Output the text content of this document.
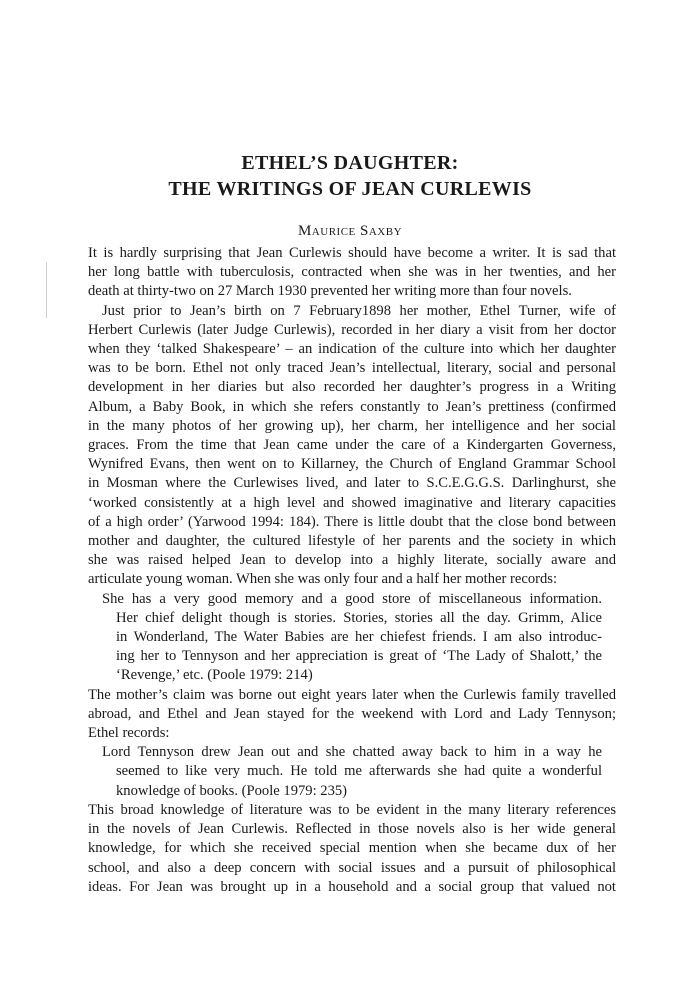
ETHEL’S DAUGHTER:
THE WRITINGS OF JEAN CURLEWIS
Maurice Saxby
It is hardly surprising that Jean Curlewis should have become a writer. It is sad that
her long battle with tuberculosis, contracted when she was in her twenties, and her
death at thirty-two on 27 March 1930 prevented her writing more than four novels.
Just prior to Jean’s birth on 7 February1898 her mother, Ethel Turner, wife of
Herbert Curlewis (later Judge Curlewis), recorded in her diary a visit from her doctor
when they ‘talked Shakespeare’ – an indication of the culture into which her daughter
was to be born. Ethel not only traced Jean’s intellectual, literary, social and personal
development in her diaries but also recorded her daughter’s progress in a Writing
Album, a Baby Book, in which she refers constantly to Jean’s prettiness (confirmed
in the many photos of her growing up), her charm, her intelligence and her social
graces. From the time that Jean came under the care of a Kindergarten Governess,
Wynifred Evans, then went on to Killarney, the Church of England Grammar School
in Mosman where the Curlewises lived, and later to S.C.E.G.G.S. Darlinghurst, she
‘worked consistently at a high level and showed imaginative and literary capacities
of a high order’ (Yarwood 1994: 184). There is little doubt that the close bond between
mother and daughter, the cultured lifestyle of her parents and the society in which
she was raised helped Jean to develop into a highly literate, socially aware and
articulate young woman. When she was only four and a half her mother records:
She has a very good memory and a good store of miscellaneous information.
Her chief delight though is stories. Stories, stories all the day. Grimm, Alice
in Wonderland, The Water Babies are her chiefest friends. I am also introduc-
ing her to Tennyson and her appreciation is great of ‘The Lady of Shalott,’ the
‘Revenge,’ etc. (Poole 1979: 214)
The mother’s claim was borne out eight years later when the Curlewis family travelled
abroad, and Ethel and Jean stayed for the weekend with Lord and Lady Tennyson;
Ethel records:
Lord Tennyson drew Jean out and she chatted away back to him in a way he
seemed to like very much. He told me afterwards she had quite a wonderful
knowledge of books. (Poole 1979: 235)
This broad knowledge of literature was to be evident in the many literary references
in the novels of Jean Curlewis. Reflected in those novels also is her wide general
knowledge, for which she received special mention when she became dux of her
school, and also a deep concern with social issues and a pursuit of philosophical
ideas. For Jean was brought up in a household and a social group that valued not
